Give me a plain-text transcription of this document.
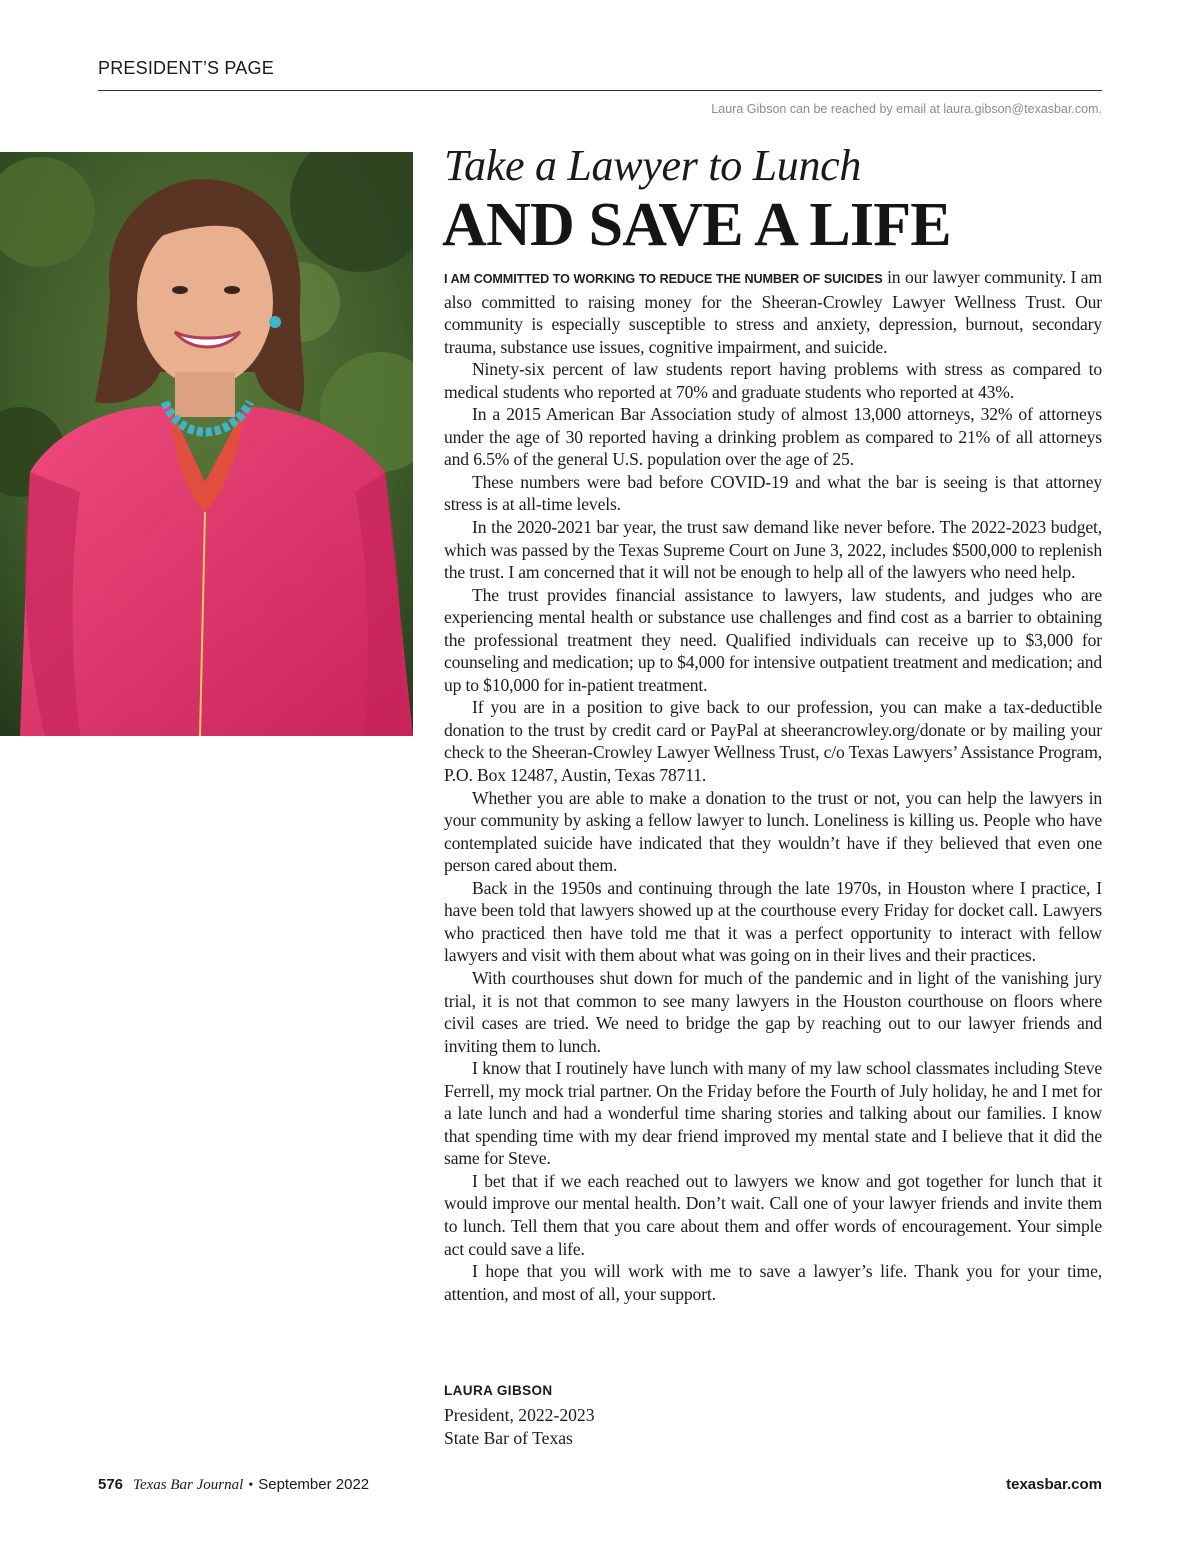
PRESIDENT’S PAGE
Laura Gibson can be reached by email at laura.gibson@texasbar.com.
Take a Lawyer to Lunch
AND SAVE A LIFE

I AM COMMITTED TO WORKING TO REDUCE THE NUMBER OF SUICIDES in our lawyer community. I am also committed to raising money for the Sheeran-Crowley Lawyer Wellness Trust. Our community is especially susceptible to stress and anxiety, depression, burnout, secondary trauma, substance use issues, cognitive impairment, and suicide.

Ninety-six percent of law students report having problems with stress as compared to medical students who reported at 70% and graduate students who reported at 43%.

In a 2015 American Bar Association study of almost 13,000 attorneys, 32% of attorneys under the age of 30 reported having a drinking problem as compared to 21% of all attorneys and 6.5% of the general U.S. population over the age of 25.

These numbers were bad before COVID-19 and what the bar is seeing is that attorney stress is at all-time levels.

In the 2020-2021 bar year, the trust saw demand like never before. The 2022-2023 budget, which was passed by the Texas Supreme Court on June 3, 2022, includes $500,000 to replenish the trust. I am concerned that it will not be enough to help all of the lawyers who need help.

The trust provides financial assistance to lawyers, law students, and judges who are experiencing mental health or substance use challenges and find cost as a barrier to obtaining the professional treatment they need. Qualified individuals can receive up to $3,000 for counseling and medication; up to $4,000 for intensive outpatient treatment and medication; and up to $10,000 for in-patient treatment.

If you are in a position to give back to our profession, you can make a tax-deductible donation to the trust by credit card or PayPal at sheerancrowley.org/donate or by mailing your check to the Sheeran-Crowley Lawyer Wellness Trust, c/o Texas Lawyers’ Assistance Program, P.O. Box 12487, Austin, Texas 78711.

Whether you are able to make a donation to the trust or not, you can help the lawyers in your community by asking a fellow lawyer to lunch. Loneliness is killing us. People who have contemplated suicide have indicated that they wouldn’t have if they believed that even one person cared about them.

Back in the 1950s and continuing through the late 1970s, in Houston where I practice, I have been told that lawyers showed up at the courthouse every Friday for docket call. Lawyers who practiced then have told me that it was a perfect opportunity to interact with fellow lawyers and visit with them about what was going on in their lives and their practices.

With courthouses shut down for much of the pandemic and in light of the vanishing jury trial, it is not that common to see many lawyers in the Houston courthouse on floors where civil cases are tried. We need to bridge the gap by reaching out to our lawyer friends and inviting them to lunch.

I know that I routinely have lunch with many of my law school classmates including Steve Ferrell, my mock trial partner. On the Friday before the Fourth of July holiday, he and I met for a late lunch and had a wonderful time sharing stories and talking about our families. I know that spending time with my dear friend improved my mental state and I believe that it did the same for Steve.

I bet that if we each reached out to lawyers we know and got together for lunch that it would improve our mental health. Don’t wait. Call one of your lawyer friends and invite them to lunch. Tell them that you care about them and offer words of encouragement. Your simple act could save a life.

I hope that you will work with me to save a lawyer’s life. Thank you for your time, attention, and most of all, your support.

LAURA GIBSON
President, 2022-2023
State Bar of Texas
576 Texas Bar Journal • September 2022	texasbar.com
